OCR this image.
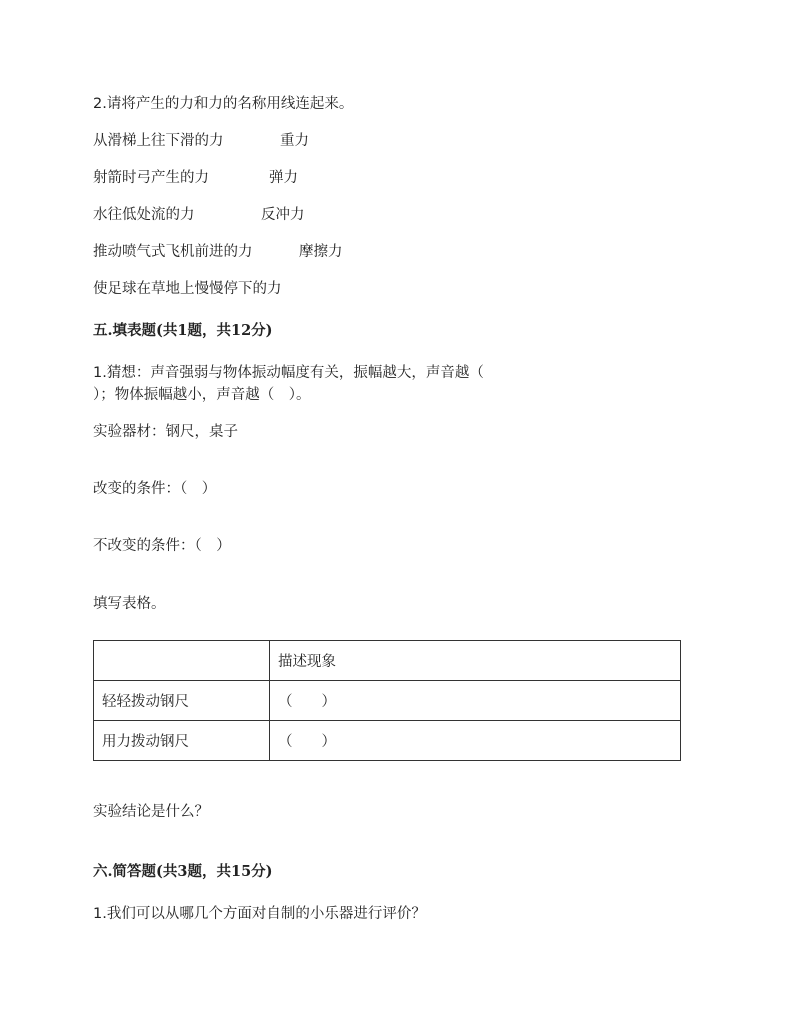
2.请将产生的力和力的名称用线连起来。
从滑梯上往下滑的力	重力
射箭时弓产生的力	弹力
水往低处流的力	反冲力
推动喷气式飞机前进的力	摩擦力
使足球在草地上慢慢停下的力
五.填表题(共1题，共12分)
1.猜想：声音强弱与物体振动幅度有关，振幅越大，声音越（
）；物体振幅越小，声音越（　）。
实验器材：钢尺，桌子
改变的条件：（　）
不改变的条件：（　）
填写表格。
	描述现象
轻轻拨动钢尺	（　　）
用力拨动钢尺	（　　）
实验结论是什么？
六.简答题(共3题，共15分)
1.我们可以从哪几个方面对自制的小乐器进行评价？
